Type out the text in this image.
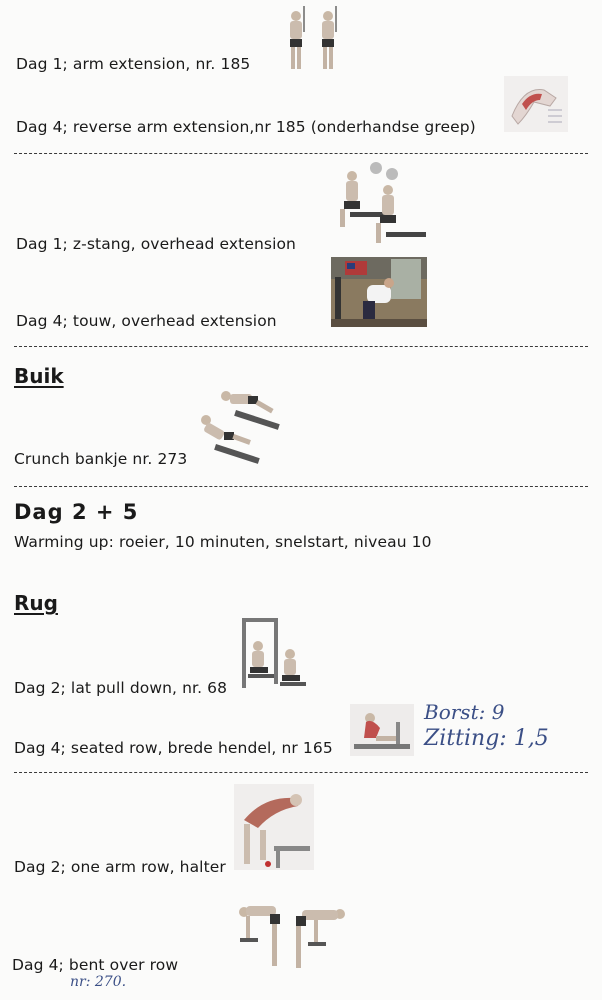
Dag 1; arm extension, nr. 185
Dag 4; reverse arm extension,nr 185 (onderhandse greep)
Dag 1; z-stang, overhead extension
Dag 4; touw, overhead extension
Buik
Crunch bankje nr. 273
Dag 2 + 5
Warming up: roeier, 10 minuten, snelstart, niveau 10
Rug
Dag 2; lat pull down, nr. 68
Borst: 9
Zitting: 1,5
Dag 4; seated row, brede hendel, nr 165
Dag 2; one arm row, halter
Dag 4; bent over row
nr: 270.
